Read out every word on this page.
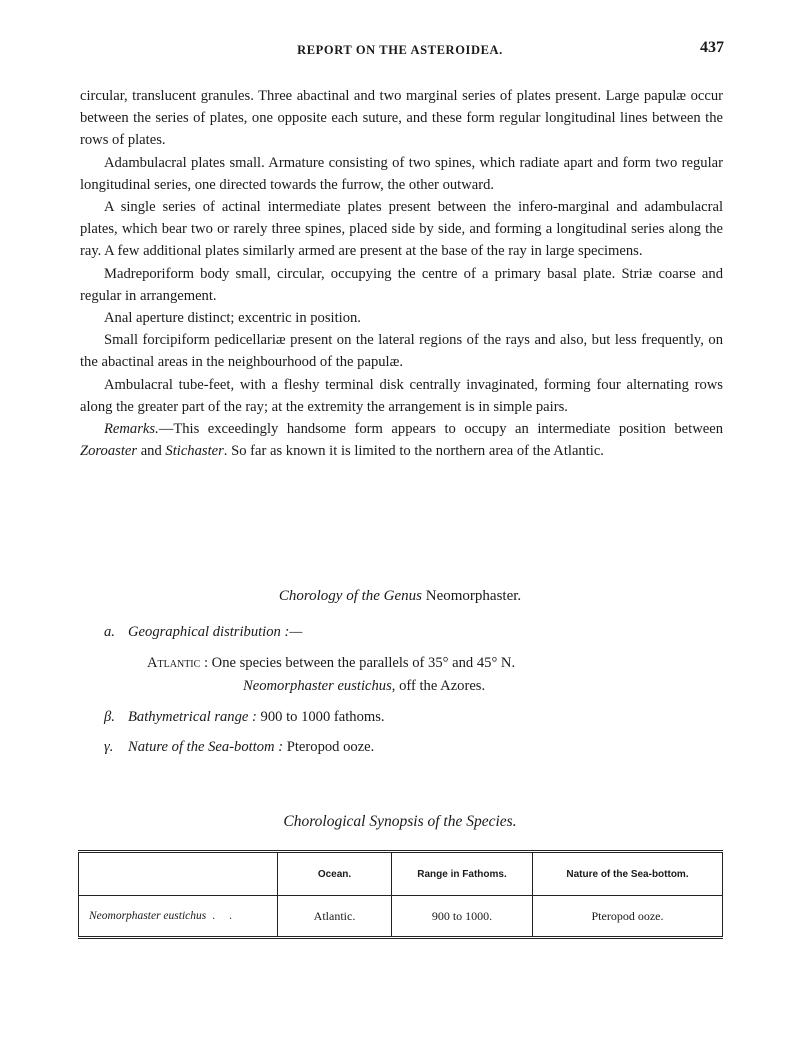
REPORT ON THE ASTEROIDEA.	437

circular, translucent granules. Three abactinal and two marginal series of plates present. Large papulæ occur between the series of plates, one opposite each suture, and these form regular longitudinal lines between the rows of plates.

Adambulacral plates small. Armature consisting of two spines, which radiate apart and form two regular longitudinal series, one directed towards the furrow, the other outward.

A single series of actinal intermediate plates present between the infero-marginal and adambulacral plates, which bear two or rarely three spines, placed side by side, and forming a longitudinal series along the ray. A few additional plates similarly armed are present at the base of the ray in large specimens.

Madreporiform body small, circular, occupying the centre of a primary basal plate. Striæ coarse and regular in arrangement.

Anal aperture distinct; excentric in position.

Small forcipiform pedicellariæ present on the lateral regions of the rays and also, but less frequently, on the abactinal areas in the neighbourhood of the papulæ.

Ambulacral tube-feet, with a fleshy terminal disk centrally invaginated, forming four alternating rows along the greater part of the ray; at the extremity the arrangement is in simple pairs.

Remarks.—This exceedingly handsome form appears to occupy an intermediate position between Zoroaster and Stichaster. So far as known it is limited to the northern area of the Atlantic.

Chorology of the Genus Neomorphaster.
a. Geographical distribution :—
Atlantic : One species between the parallels of 35° and 45° N.
Neomorphaster eustichus, off the Azores.
β. Bathymetrical range : 900 to 1000 fathoms.
γ. Nature of the Sea-bottom : Pteropod ooze.
Chorological Synopsis of the Species.
	Ocean.	Range in Fathoms.	Nature of the Sea-bottom.
Neomorphaster eustichus ..	Atlantic.	900 to 1000.	Pteropod ooze.
